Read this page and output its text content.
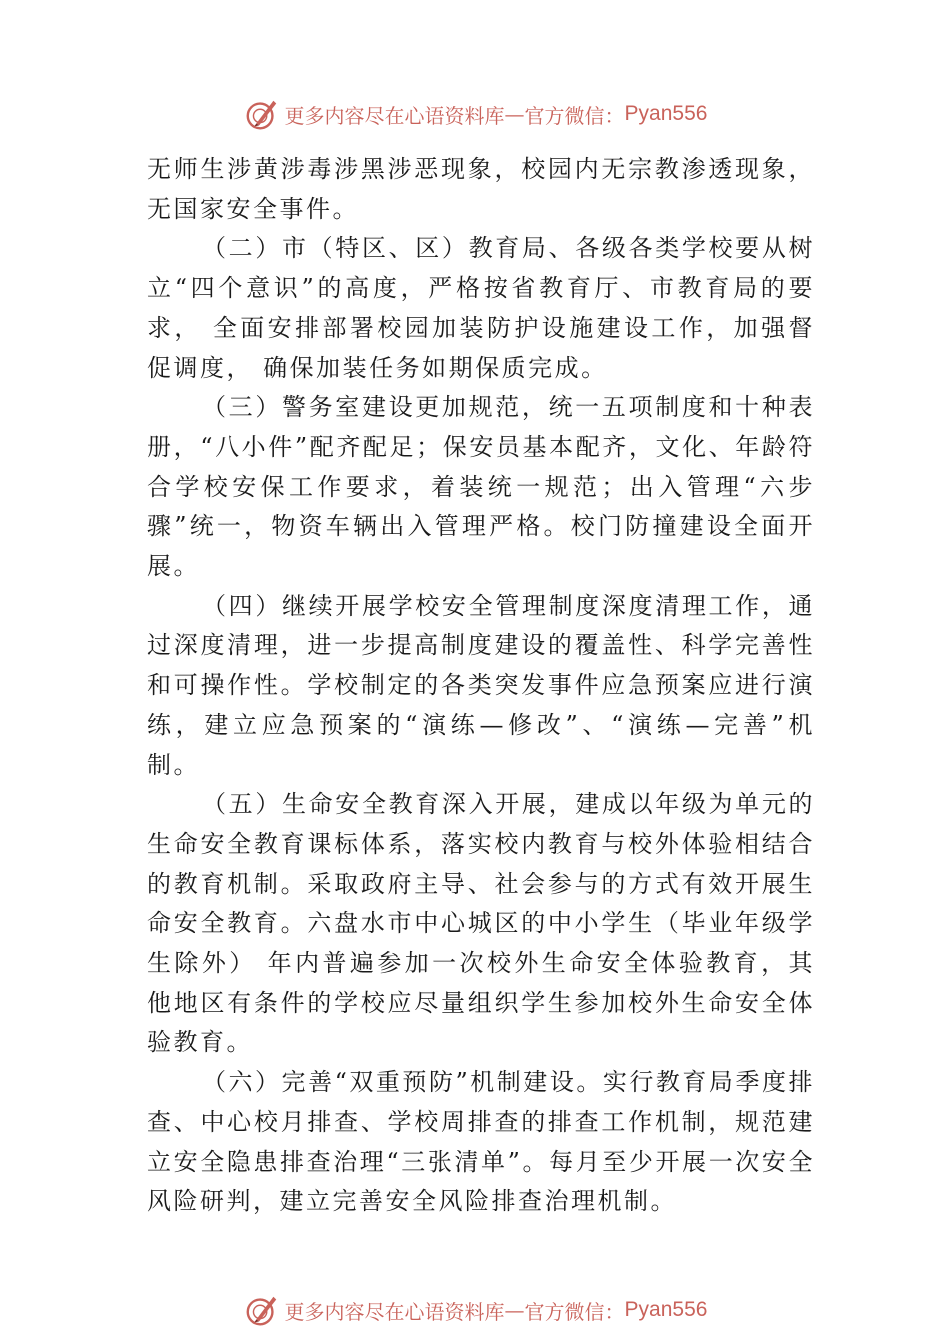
更多内容尽在心语资料库 — 官方微信： Pyan556

无师生涉黄涉毒涉黑涉恶现象，校园内无宗教渗透现象，无国家安全事件。

（二）市（特区、区）教育局、各级各类学校要从树立“四个意识”的高度，严格按省教育厅、市教育局的要求， 全面安排部署校园加装防护设施建设工作，加强督促调度， 确保加装任务如期保质完成。

（三）警务室建设更加规范，统一五项制度和十种表册，“八小件”配齐配足；保安员基本配齐，文化、年龄符合学校安保工作要求，着装统一规范；出入管理“六步骤”统一，物资车辆出入管理严格。校门防撞建设全面开展。

（四）继续开展学校安全管理制度深度清理工作，通过深度清理，进一步提高制度建设的覆盖性、科学完善性和可操作性。学校制定的各类突发事件应急预案应进行演练，建立应急预案的“演练—修改”、“演练—完善”机制。

（五）生命安全教育深入开展，建成以年级为单元的生命安全教育课标体系，落实校内教育与校外体验相结合的教育机制。采取政府主导、社会参与的方式有效开展生命安全教育。六盘水市中心城区的中小学生（毕业年级学生除外） 年内普遍参加一次校外生命安全体验教育，其他地区有条件的学校应尽量组织学生参加校外生命安全体验教育。

（六）完善“双重预防”机制建设。实行教育局季度排查、中心校月排查、学校周排查的排查工作机制，规范建立安全隐患排查治理“三张清单”。每月至少开展一次安全风险研判，建立完善安全风险排查治理机制。

更多内容尽在心语资料库 — 官方微信： Pyan556
